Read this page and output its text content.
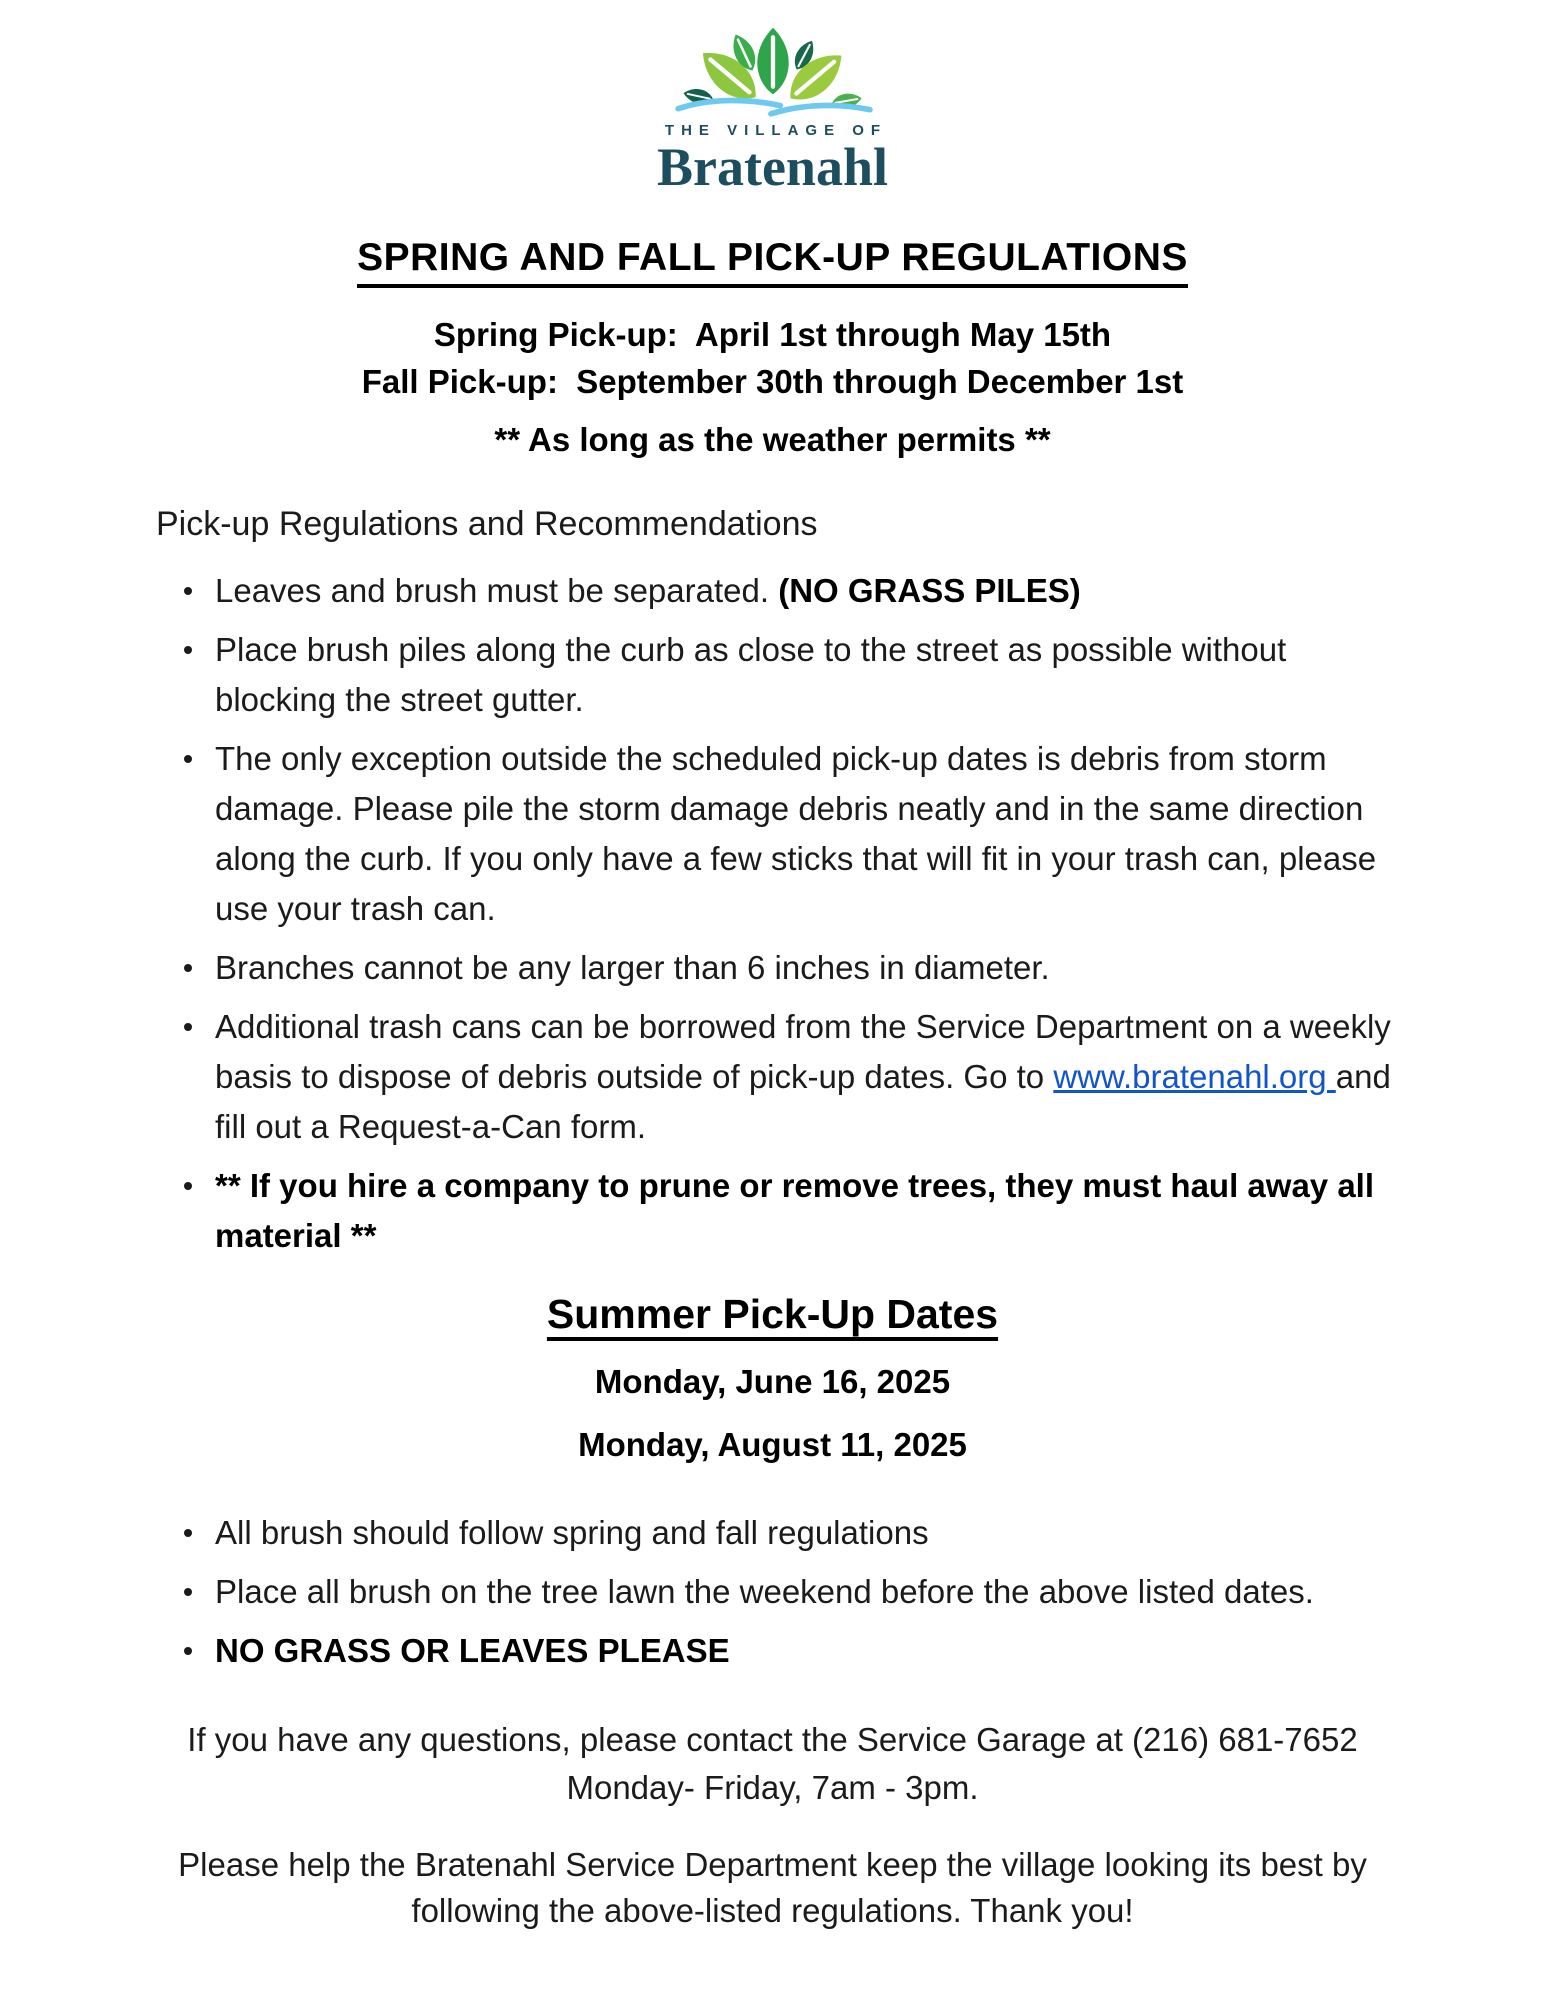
THE VILLAGE OF
Bratenahl
SPRING AND FALL PICK-UP REGULATIONS

Spring Pick-up:  April 1st through May 15th

Fall Pick-up:  September 30th through December 1st

** As long as the weather permits **

Pick-up Regulations and Recommendations

Leaves and brush must be separated. (NO GRASS PILES)
Place brush piles along the curb as close to the street as possible without blocking the street gutter.
The only exception outside the scheduled pick-up dates is debris from storm damage. Please pile the storm damage debris neatly and in the same direction along the curb. If you only have a few sticks that will fit in your trash can, please use your trash can.
Branches cannot be any larger than 6 inches in diameter.
Additional trash cans can be borrowed from the Service Department on a weekly basis to dispose of debris outside of pick-up dates. Go to www.bratenahl.org and fill out a Request-a-Can form.
** If you hire a company to prune or remove trees, they must haul away all material **
Summer Pick-Up Dates

Monday, June 16, 2025

Monday, August 11, 2025

All brush should follow spring and fall regulations
Place all brush on the tree lawn the weekend before the above listed dates.
NO GRASS OR LEAVES PLEASE

If you have any questions, please contact the Service Garage at (216) 681-7652

Monday- Friday, 7am - 3pm.

Please help the Bratenahl Service Department keep the village looking its best by following the above-listed regulations. Thank you!
